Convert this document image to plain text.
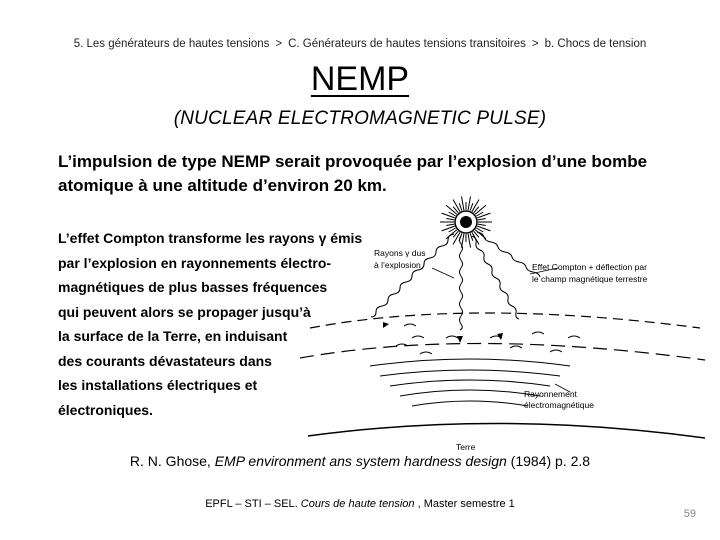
5. Les générateurs de hautes tensions > C. Générateurs de hautes tensions transitoires > b. Chocs de tension
NEMP
(NUCLEAR ELECTROMAGNETIC PULSE)
L’impulsion de type NEMP serait provoquée par l’explosion d’une bombe atomique à une altitude d’environ 20 km.
L’effet Compton transforme les rayons γ émis
par l’explosion en rayonnements électro-
magnétiques de plus basses fréquences
qui peuvent alors se propager jusqu’à
la surface de la Terre, en induisant
des courants dévastateurs dans
les installations électriques et
électroniques.
Rayons γ dus
à l’explosion	Effet Compton + déflection par
le champ magnétique terrestre
Rayonnement
électromagnétique
Terre
R. N. Ghose, EMP environment ans system hardness design (1984) p. 2.8
EPFL – STI – SEL. Cours de haute tension , Master semestre 1
59
